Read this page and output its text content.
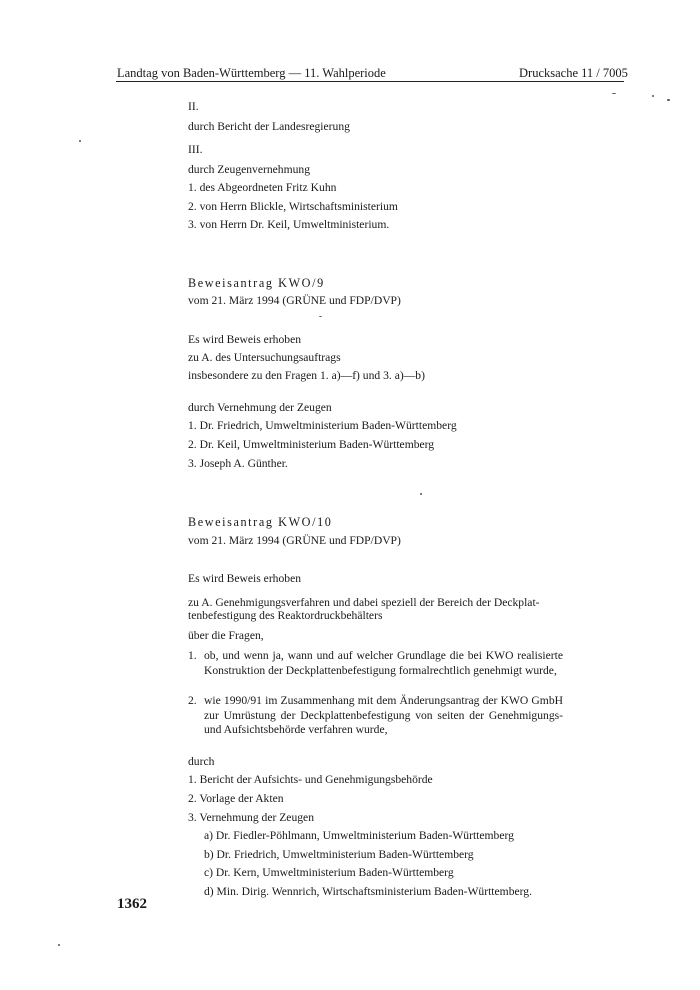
Landtag von Baden-Württemberg — 11. Wahlperiode	Drucksache 11 / 7005
II.
durch Bericht der Landesregierung
III.
durch Zeugenvernehmung
1. des Abgeordneten Fritz Kuhn
2. von Herrn Blickle, Wirtschaftsministerium
3. von Herrn Dr. Keil, Umweltministerium.
Beweisantrag KWO/9
vom 21. März 1994 (GRÜNE und FDP/DVP)
Es wird Beweis erhoben
zu A. des Untersuchungsauftrags
insbesondere zu den Fragen 1. a)—f) und 3. a)—b)
durch Vernehmung der Zeugen
1. Dr. Friedrich, Umweltministerium Baden-Württemberg
2. Dr. Keil, Umweltministerium Baden-Württemberg
3. Joseph A. Günther.
Beweisantrag KWO/10
vom 21. März 1994 (GRÜNE und FDP/DVP)
Es wird Beweis erhoben
zu A. Genehmigungsverfahren und dabei speziell der Bereich der Deckplat-
tenbefestigung des Reaktordruckbehälters
über die Fragen,
1. ob, und wenn ja, wann und auf welcher Grundlage die bei KWO realisierte Konstruktion der Deckplattenbefestigung formalrechtlich genehmigt wurde,
2. wie 1990/91 im Zusammenhang mit dem Änderungsantrag der KWO GmbH zur Umrüstung der Deckplattenbefestigung von seiten der Genehmigungs- und Aufsichtsbehörde verfahren wurde,
durch
1. Bericht der Aufsichts- und Genehmigungsbehörde
2. Vorlage der Akten
3. Vernehmung der Zeugen
a) Dr. Fiedler-Pöhlmann, Umweltministerium Baden-Württemberg
b) Dr. Friedrich, Umweltministerium Baden-Württemberg
c) Dr. Kern, Umweltministerium Baden-Württemberg
d) Min. Dirig. Wennrich, Wirtschaftsministerium Baden-Württemberg.
1362
